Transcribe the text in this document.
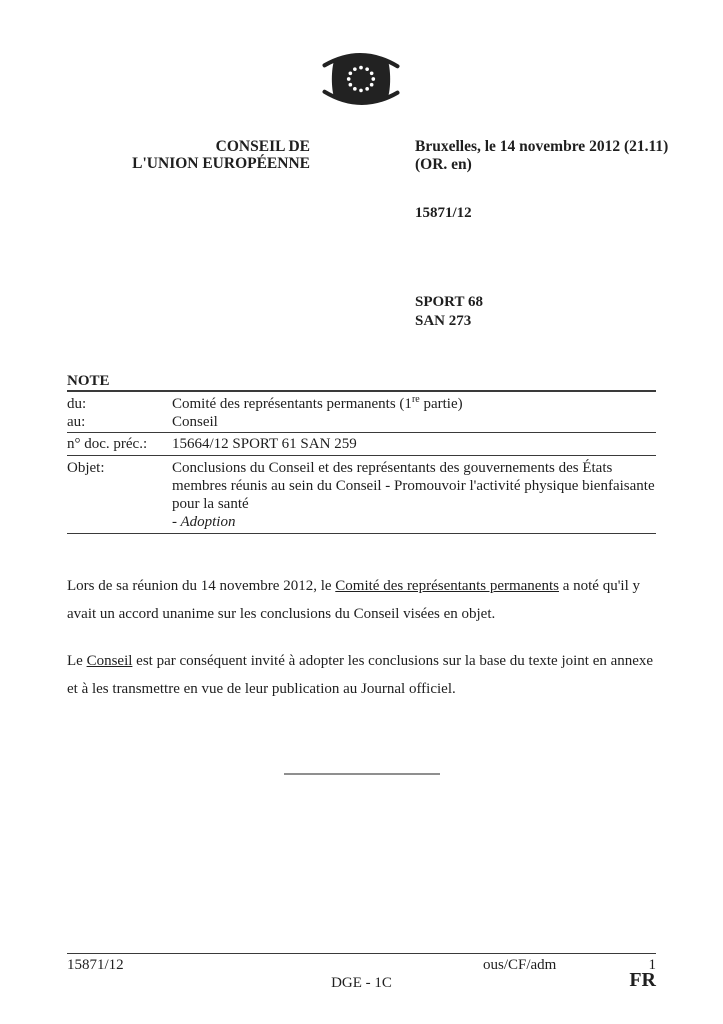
CONSEIL DE
L'UNION EUROPÉENNE
Bruxelles, le 14 novembre 2012 (21.11)
(OR. en)
15871/12
SPORT 68
SAN 273
NOTE
du:	Comité des représentants permanents (1re partie)
au:	Conseil
n° doc. préc.:	15664/12 SPORT 61 SAN 259
Objet:	Conclusions du Conseil et des représentants des gouvernements des États membres réunis au sein du Conseil - Promouvoir l'activité physique bienfaisante pour la santé
- Adoption
Lors de sa réunion du 14 novembre 2012, le Comité des représentants permanents a noté qu'il y avait un accord unanime sur les conclusions du Conseil visées en objet.
Le Conseil est par conséquent invité à adopter les conclusions sur la base du texte joint en annexe et à les transmettre en vue de leur publication au Journal officiel.
15871/12	ous/CF/adm	1
DGE - 1C	FR
